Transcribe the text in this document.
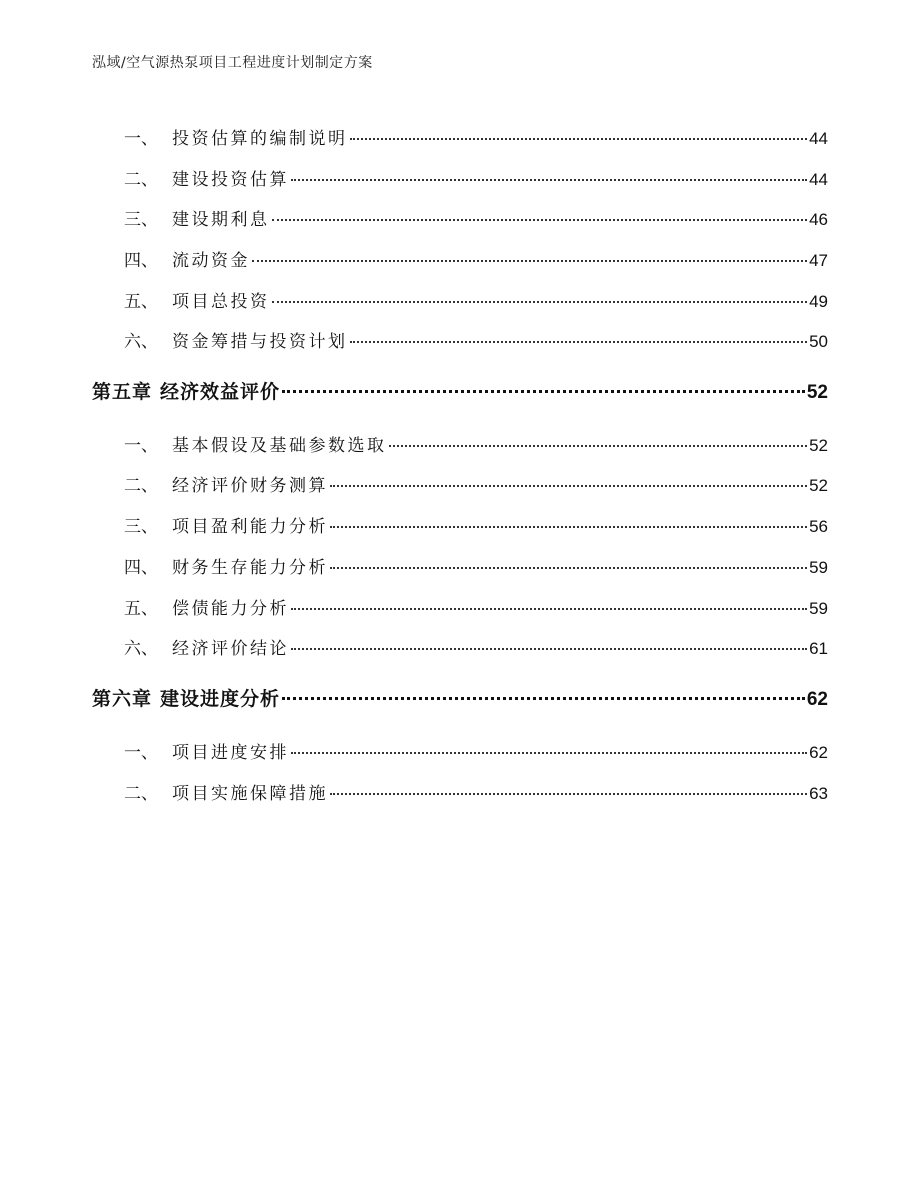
泓域/空气源热泵项目工程进度计划制定方案
一、 投资估算的编制说明	44
二、 建设投资估算	44
三、 建设期利息	46
四、 流动资金	47
五、 项目总投资	49
六、 资金筹措与投资计划	50
第五章 经济效益评价	52
一、 基本假设及基础参数选取	52
二、 经济评价财务测算	52
三、 项目盈利能力分析	56
四、 财务生存能力分析	59
五、 偿债能力分析	59
六、 经济评价结论	61
第六章 建设进度分析	62
一、 项目进度安排	62
二、 项目实施保障措施	63
